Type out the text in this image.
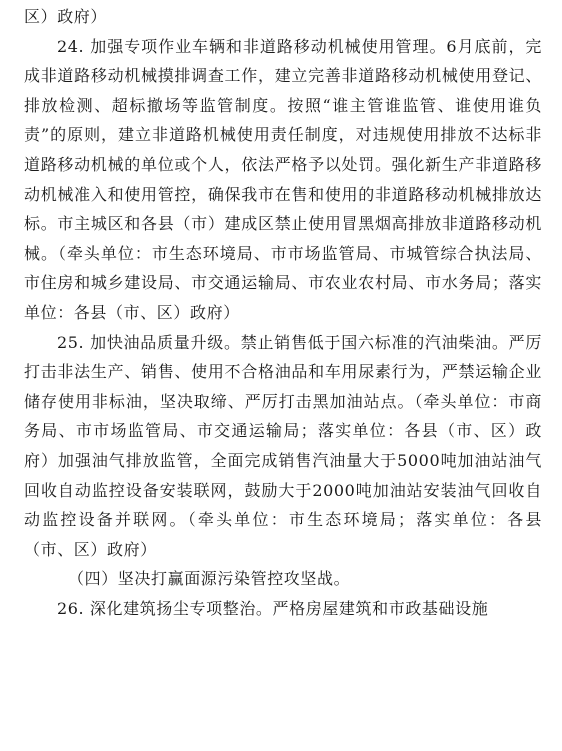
区）政府）

24. 加强专项作业车辆和非道路移动机械使用管理。6月底前，完成非道路移动机械摸排调查工作，建立完善非道路移动机械使用登记、排放检测、超标撤场等监管制度。按照“谁主管谁监管、谁使用谁负责”的原则，建立非道路机械使用责任制度，对违规使用排放不达标非道路移动机械的单位或个人，依法严格予以处罚。强化新生产非道路移动机械准入和使用管控，确保我市在售和使用的非道路移动机械排放达标。市主城区和各县（市）建成区禁止使用冒黑烟高排放非道路移动机械。（牵头单位：市生态环境局、市市场监管局、市城管综合执法局、市住房和城乡建设局、市交通运输局、市农业农村局、市水务局；落实单位：各县（市、区）政府）

25. 加快油品质量升级。禁止销售低于国六标准的汽油柴油。严厉打击非法生产、销售、使用不合格油品和车用尿素行为，严禁运输企业储存使用非标油，坚决取缔、严厉打击黑加油站点。（牵头单位：市商务局、市市场监管局、市交通运输局；落实单位：各县（市、区）政府）加强油气排放监管，全面完成销售汽油量大于5000吨加油站油气回收自动监控设备安装联网，鼓励大于2000吨加油站安装油气回收自动监控设备并联网。（牵头单位：市生态环境局；落实单位：各县（市、区）政府）

（四）坚决打赢面源污染管控攻坚战。

26. 深化建筑扬尘专项整治。严格房屋建筑和市政基础设施
